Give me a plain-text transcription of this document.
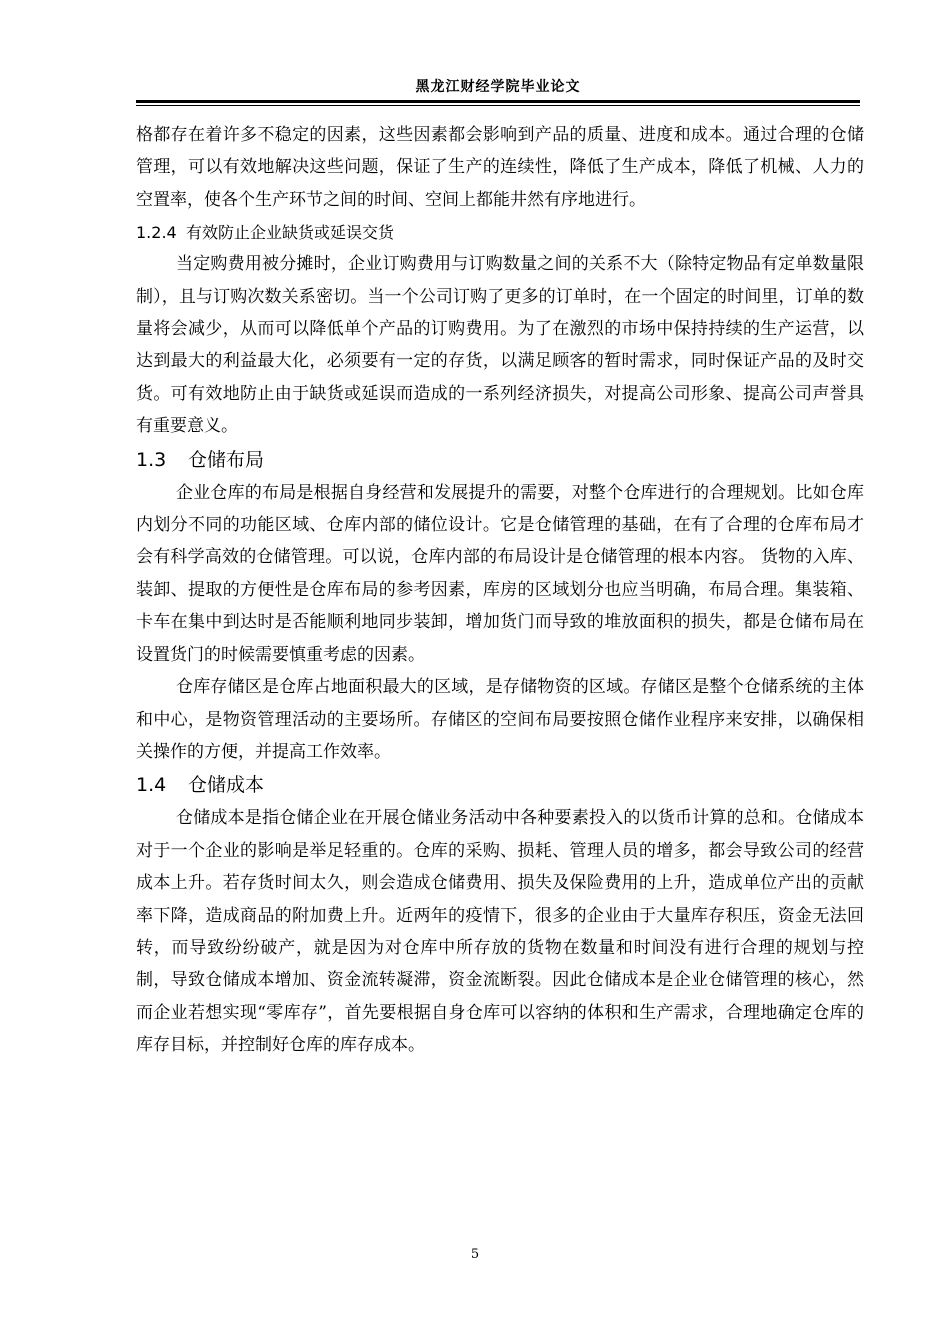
黑龙江财经学院毕业论文

格都存在着许多不稳定的因素，这些因素都会影响到产品的质量、进度和成本。通过合理的仓储管理，可以有效地解决这些问题，保证了生产的连续性，降低了生产成本，降低了机械、人力的空置率，使各个生产环节之间的时间、空间上都能井然有序地进行。

1.2.4 有效防止企业缺货或延误交货

当定购费用被分摊时，企业订购费用与订购数量之间的关系不大（除特定物品有定单数量限制），且与订购次数关系密切。当一个公司订购了更多的订单时，在一个固定的时间里，订单的数量将会减少，从而可以降低单个产品的订购费用。为了在激烈的市场中保持持续的生产运营，以达到最大的利益最大化，必须要有一定的存货，以满足顾客的暂时需求，同时保证产品的及时交货。可有效地防止由于缺货或延误而造成的一系列经济损失，对提高公司形象、提高公司声誉具有重要意义。

1.3 仓储布局

企业仓库的布局是根据自身经营和发展提升的需要，对整个仓库进行的合理规划。比如仓库内划分不同的功能区域、仓库内部的储位设计。它是仓储管理的基础，在有了合理的仓库布局才会有科学高效的仓储管理。可以说，仓库内部的布局设计是仓储管理的根本内容。 货物的入库、装卸、提取的方便性是仓库布局的参考因素，库房的区域划分也应当明确，布局合理。集装箱、卡车在集中到达时是否能顺利地同步装卸，增加货门而导致的堆放面积的损失，都是仓储布局在设置货门的时候需要慎重考虑的因素。

仓库存储区是仓库占地面积最大的区域，是存储物资的区域。存储区是整个仓储系统的主体和中心，是物资管理活动的主要场所。存储区的空间布局要按照仓储作业程序来安排，以确保相关操作的方便，并提高工作效率。

1.4 仓储成本

仓储成本是指仓储企业在开展仓储业务活动中各种要素投入的以货币计算的总和。仓储成本对于一个企业的影响是举足轻重的。仓库的采购、损耗、管理人员的增多，都会导致公司的经营成本上升。若存货时间太久，则会造成仓储费用、损失及保险费用的上升，造成单位产出的贡献率下降，造成商品的附加费上升。近两年的疫情下，很多的企业由于大量库存积压，资金无法回转，而导致纷纷破产，就是因为对仓库中所存放的货物在数量和时间没有进行合理的规划与控制，导致仓储成本增加、资金流转凝滞，资金流断裂。因此仓储成本是企业仓储管理的核心，然而企业若想实现“零库存”，首先要根据自身仓库可以容纳的体积和生产需求，合理地确定仓库的库存目标，并控制好仓库的库存成本。

5
